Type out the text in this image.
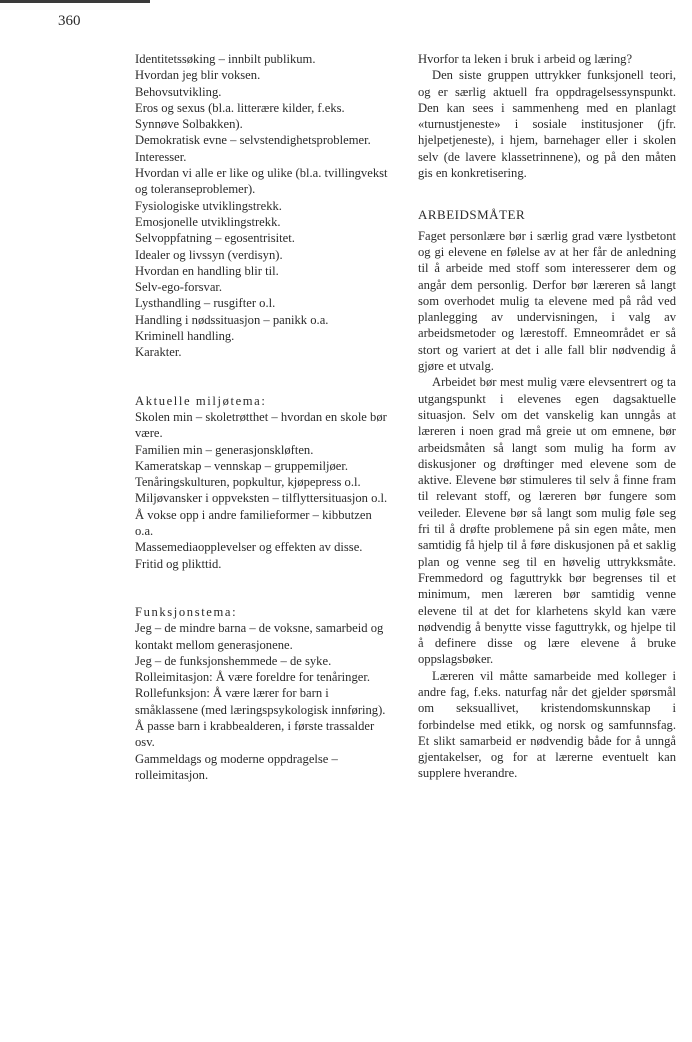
360

Identitetssøking – innbilt publikum.

Hvordan jeg blir voksen.

Behovsutvikling.

Eros og sexus (bl.a. litterære kilder, f.eks. Synnøve Solbakken).

Demokratisk evne – selvstendighetsproblemer.

Interesser.

Hvordan vi alle er like og ulike (bl.a. tvillingvekst og toleranseproblemer).

Fysiologiske utviklingstrekk.

Emosjonelle utviklingstrekk.

Selvoppfatning – egosentrisitet.

Idealer og livssyn (verdisyn).

Hvordan en handling blir til.

Selv-ego-forsvar.

Lysthandling – rusgifter o.l.

Handling i nødssituasjon – panikk o.a.

Kriminell handling.

Karakter.

Aktuelle miljøtema:

Skolen min – skoletrøtthet – hvordan en skole bør være.

Familien min – generasjonskløften.

Kameratskap – vennskap – gruppemiljøer.

Tenåringskulturen, popkultur, kjøpepress o.l.

Miljøvansker i oppveksten – tilflyttersituasjon o.l.

Å vokse opp i andre familieformer – kibbutzen o.a.

Massemediaopplevelser og effekten av disse.

Fritid og plikttid.

Funksjonstema:

Jeg – de mindre barna – de voksne, samarbeid og kontakt mellom generasjonene.

Jeg – de funksjonshemmede – de syke.

Rolleimitasjon: Å være foreldre for tenåringer.

Rollefunksjon: Å være lærer for barn i småklassene (med læringspsykologisk innføring).

Å passe barn i krabbealderen, i første trassalder osv.

Gammeldags og moderne oppdragelse – rolleimitasjon.

Hvorfor ta leken i bruk i arbeid og læring?

Den siste gruppen uttrykker funksjonell teori, og er særlig aktuell fra oppdragelsessynspunkt. Den kan sees i sammenheng med en planlagt «turnustjeneste» i sosiale institusjoner (jfr. hjelpetjeneste), i hjem, barnehager eller i skolen selv (de lavere klassetrinnene), og på den måten gis en konkretisering.

ARBEIDSMÅTER

Faget personlære bør i særlig grad være lystbetont og gi elevene en følelse av at her får de anledning til å arbeide med stoff som interesserer dem og angår dem personlig. Derfor bør læreren så langt som overhodet mulig ta elevene med på råd ved planlegging av undervisningen, i valg av arbeidsmetoder og lærestoff. Emneområdet er så stort og variert at det i alle fall blir nødvendig å gjøre et utvalg.

Arbeidet bør mest mulig være elevsentrert og ta utgangspunkt i elevenes egen dagsaktuelle situasjon. Selv om det vanskelig kan unngås at læreren i noen grad må greie ut om emnene, bør arbeidsmåten så langt som mulig ha form av diskusjoner og drøftinger med elevene som de aktive. Elevene bør stimuleres til selv å finne fram til relevant stoff, og læreren bør fungere som veileder. Elevene bør så langt som mulig føle seg fri til å drøfte problemene på sin egen måte, men samtidig få hjelp til å føre diskusjonen på et saklig plan og venne seg til en høvelig uttrykksmåte. Fremmedord og faguttrykk bør begrenses til et minimum, men læreren bør samtidig venne elevene til at det for klarhetens skyld kan være nødvendig å benytte visse faguttrykk, og hjelpe til å definere disse og lære elevene å bruke oppslagsbøker.

Læreren vil måtte samarbeide med kolleger i andre fag, f.eks. naturfag når det gjelder spørsmål om seksuallivet, kristendomskunnskap i forbindelse med etikk, og norsk og samfunnsfag. Et slikt samarbeid er nødvendig både for å unngå gjentakelser, og for at lærerne eventuelt kan supplere hverandre.
